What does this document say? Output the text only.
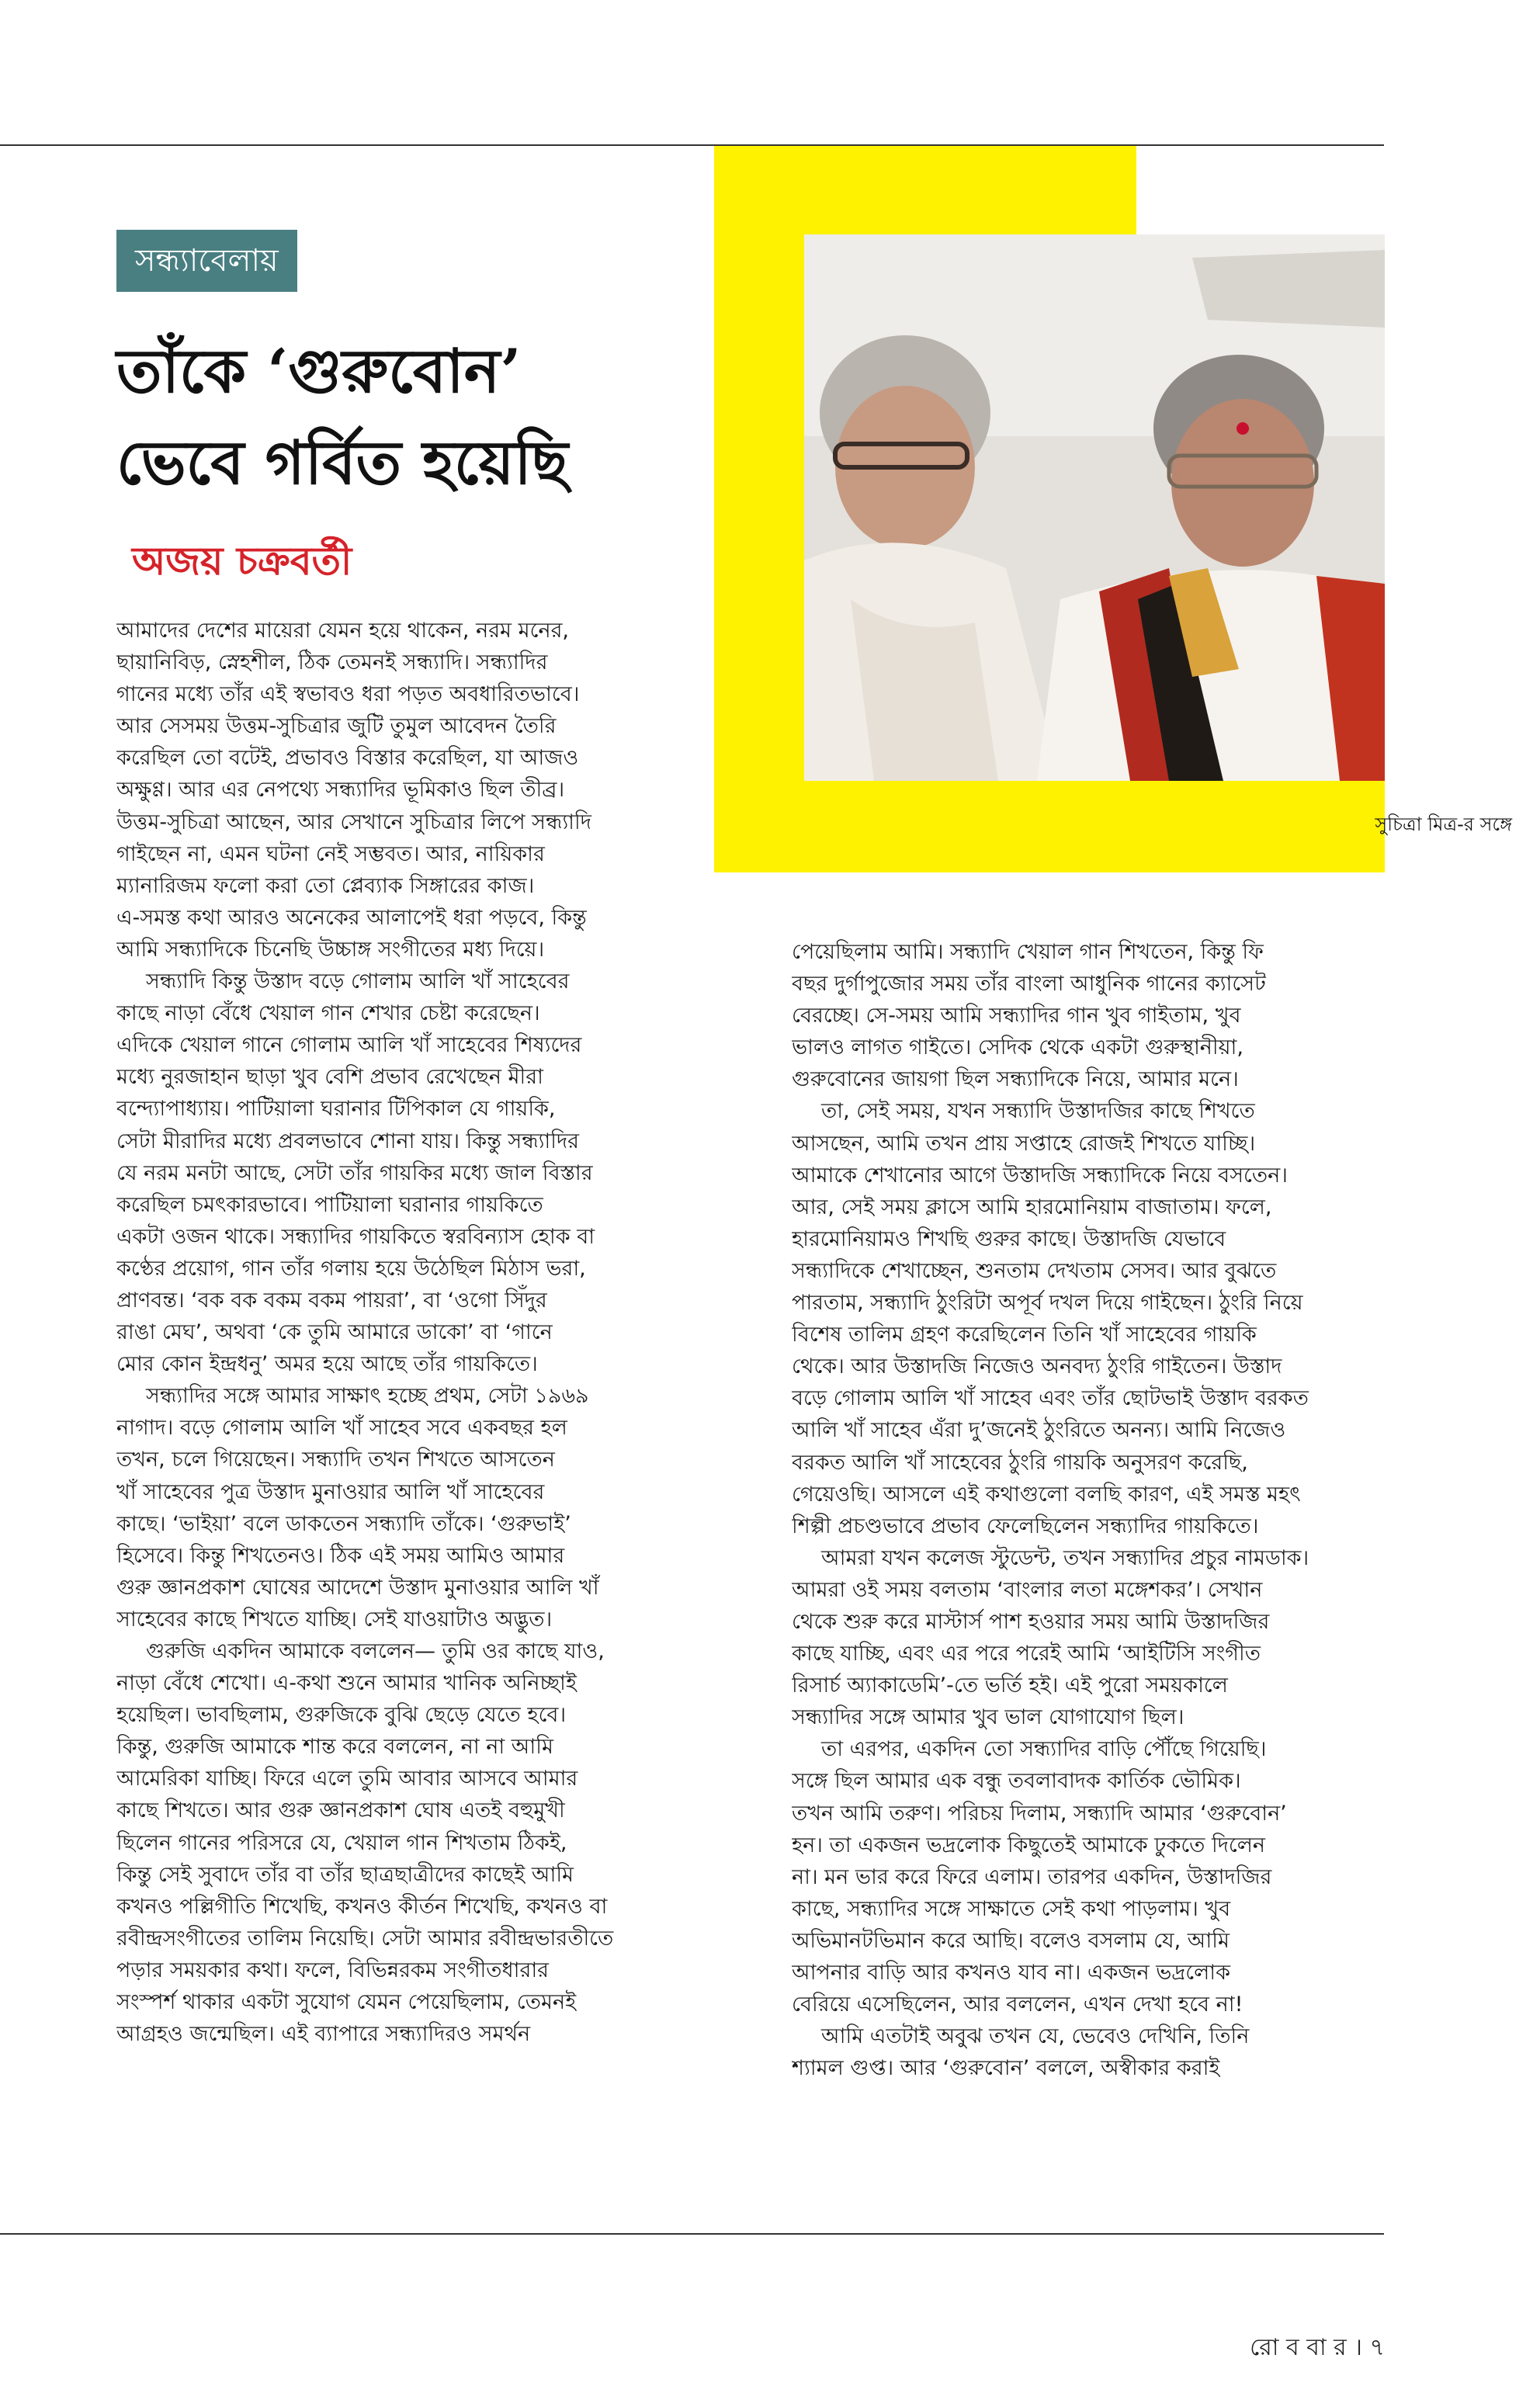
সুচিত্রা মিত্র-র সঙ্গে
সন্ধ্যাবেলায়
তাঁকে ‘গুরুবোন’
ভেবে গর্বিত হয়েছি
অজয় চক্রবর্তী
আমাদের দেশের মায়েরা যেমন হয়ে থাকেন, নরম মনের,
ছায়ানিবিড়, স্নেহশীল, ঠিক তেমনই সন্ধ্যাদি। সন্ধ্যাদির
গানের মধ্যে তাঁর এই স্বভাবও ধরা পড়ত অবধারিতভাবে।
আর সেসময় উত্তম-সুচিত্রার জুটি তুমুল আবেদন তৈরি
করেছিল তো বটেই, প্রভাবও বিস্তার করেছিল, যা আজও
অক্ষুণ্ণ। আর এর নেপথ্যে সন্ধ্যাদির ভূমিকাও ছিল তীব্র।
উত্তম-সুচিত্রা আছেন, আর সেখানে সুচিত্রার লিপে সন্ধ্যাদি
গাইছেন না, এমন ঘটনা নেই সম্ভবত। আর, নায়িকার
ম্যানারিজম ফলো করা তো প্লেব্যাক সিঙ্গারের কাজ।
এ-সমস্ত কথা আরও অনেকের আলাপেই ধরা পড়বে, কিন্তু
আমি সন্ধ্যাদিকে চিনেছি উচ্চাঙ্গ সংগীতের মধ্য দিয়ে।
সন্ধ্যাদি কিন্তু উস্তাদ বড়ে গোলাম আলি খাঁ সাহেবের
কাছে নাড়া বেঁধে খেয়াল গান শেখার চেষ্টা করেছেন।
এদিকে খেয়াল গানে গোলাম আলি খাঁ সাহেবের শিষ্যদের
মধ্যে নুরজাহান ছাড়া খুব বেশি প্রভাব রেখেছেন মীরা
বন্দ্যোপাধ্যায়। পাটিয়ালা ঘরানার টিপিকাল যে গায়কি,
সেটা মীরাদির মধ্যে প্রবলভাবে শোনা যায়। কিন্তু সন্ধ্যাদির
যে নরম মনটা আছে, সেটা তাঁর গায়কির মধ্যে জাল বিস্তার
করেছিল চমৎকারভাবে। পাটিয়ালা ঘরানার গায়কিতে
একটা ওজন থাকে। সন্ধ্যাদির গায়কিতে স্বরবিন্যাস হোক বা
কণ্ঠের প্রয়োগ, গান তাঁর গলায় হয়ে উঠেছিল মিঠাস ভরা,
প্রাণবন্ত। ‘বক বক বকম বকম পায়রা’, বা ‘ওগো সিঁদুর
রাঙা মেঘ’, অথবা ‘কে তুমি আমারে ডাকো’ বা ‘গানে
মোর কোন ইন্দ্রধনু’ অমর হয়ে আছে তাঁর গায়কিতে।
সন্ধ্যাদির সঙ্গে আমার সাক্ষাৎ হচ্ছে প্রথম, সেটা ১৯৬৯
নাগাদ। বড়ে গোলাম আলি খাঁ সাহেব সবে একবছর হল
তখন, চলে গিয়েছেন। সন্ধ্যাদি তখন শিখতে আসতেন
খাঁ সাহেবের পুত্র উস্তাদ মুনাওয়ার আলি খাঁ সাহেবের
কাছে। ‘ভাইয়া’ বলে ডাকতেন সন্ধ্যাদি তাঁকে। ‘গুরুভাই’
হিসেবে। কিন্তু শিখতেনও। ঠিক এই সময় আমিও আমার
গুরু জ্ঞানপ্রকাশ ঘোষের আদেশে উস্তাদ মুনাওয়ার আলি খাঁ
সাহেবের কাছে শিখতে যাচ্ছি। সেই যাওয়াটাও অদ্ভুত।
গুরুজি একদিন আমাকে বললেন— তুমি ওর কাছে যাও,
নাড়া বেঁধে শেখো। এ-কথা শুনে আমার খানিক অনিচ্ছাই
হয়েছিল। ভাবছিলাম, গুরুজিকে বুঝি ছেড়ে যেতে হবে।
কিন্তু, গুরুজি আমাকে শান্ত করে বললেন, না না আমি
আমেরিকা যাচ্ছি। ফিরে এলে তুমি আবার আসবে আমার
কাছে শিখতে। আর গুরু জ্ঞানপ্রকাশ ঘোষ এতই বহুমুখী
ছিলেন গানের পরিসরে যে, খেয়াল গান শিখতাম ঠিকই,
কিন্তু সেই সুবাদে তাঁর বা তাঁর ছাত্রছাত্রীদের কাছেই আমি
কখনও পল্লিগীতি শিখেছি, কখনও কীর্তন শিখেছি, কখনও বা
রবীন্দ্রসংগীতের তালিম নিয়েছি। সেটা আমার রবীন্দ্রভারতীতে
পড়ার সময়কার কথা। ফলে, বিভিন্নরকম সংগীতধারার
সংস্পর্শ থাকার একটা সুযোগ যেমন পেয়েছিলাম, তেমনই
আগ্রহও জন্মেছিল। এই ব্যাপারে সন্ধ্যাদিরও সমর্থন
পেয়েছিলাম আমি। সন্ধ্যাদি খেয়াল গান শিখতেন, কিন্তু ফি
বছর দুর্গাপুজোর সময় তাঁর বাংলা আধুনিক গানের ক্যাসেট
বেরচ্ছে। সে-সময় আমি সন্ধ্যাদির গান খুব গাইতাম, খুব
ভালও লাগত গাইতে। সেদিক থেকে একটা গুরুস্থানীয়া,
গুরুবোনের জায়গা ছিল সন্ধ্যাদিকে নিয়ে, আমার মনে।
তা, সেই সময়, যখন সন্ধ্যাদি উস্তাদজির কাছে শিখতে
আসছেন, আমি তখন প্রায় সপ্তাহে রোজই শিখতে যাচ্ছি।
আমাকে শেখানোর আগে উস্তাদজি সন্ধ্যাদিকে নিয়ে বসতেন।
আর, সেই সময় ক্লাসে আমি হারমোনিয়াম বাজাতাম। ফলে,
হারমোনিয়ামও শিখছি গুরুর কাছে। উস্তাদজি যেভাবে
সন্ধ্যাদিকে শেখাচ্ছেন, শুনতাম দেখতাম সেসব। আর বুঝতে
পারতাম, সন্ধ্যাদি ঠুংরিটা অপূর্ব দখল দিয়ে গাইছেন। ঠুংরি নিয়ে
বিশেষ তালিম গ্রহণ করেছিলেন তিনি খাঁ সাহেবের গায়কি
থেকে। আর উস্তাদজি নিজেও অনবদ্য ঠুংরি গাইতেন। উস্তাদ
বড়ে গোলাম আলি খাঁ সাহেব এবং তাঁর ছোটভাই উস্তাদ বরকত
আলি খাঁ সাহেব এঁরা দু’জনেই ঠুংরিতে অনন্য। আমি নিজেও
বরকত আলি খাঁ সাহেবের ঠুংরি গায়কি অনুসরণ করেছি,
গেয়েওছি। আসলে এই কথাগুলো বলছি কারণ, এই সমস্ত মহৎ
শিল্পী প্রচণ্ডভাবে প্রভাব ফেলেছিলেন সন্ধ্যাদির গায়কিতে।
আমরা যখন কলেজ স্টুডেন্ট, তখন সন্ধ্যাদির প্রচুর নামডাক।
আমরা ওই সময় বলতাম ‘বাংলার লতা মঙ্গেশকর’। সেখান
থেকে শুরু করে মাস্টার্স পাশ হওয়ার সময় আমি উস্তাদজির
কাছে যাচ্ছি, এবং এর পরে পরেই আমি ‘আইটিসি সংগীত
রিসার্চ অ্যাকাডেমি’-তে ভর্তি হই। এই পুরো সময়কালে
সন্ধ্যাদির সঙ্গে আমার খুব ভাল যোগাযোগ ছিল।
তা এরপর, একদিন তো সন্ধ্যাদির বাড়ি পৌঁছে গিয়েছি।
সঙ্গে ছিল আমার এক বন্ধু তবলাবাদক কার্তিক ভৌমিক।
তখন আমি তরুণ। পরিচয় দিলাম, সন্ধ্যাদি আমার ‘গুরুবোন’
হন। তা একজন ভদ্রলোক কিছুতেই আমাকে ঢুকতে দিলেন
না। মন ভার করে ফিরে এলাম। তারপর একদিন, উস্তাদজির
কাছে, সন্ধ্যাদির সঙ্গে সাক্ষাতে সেই কথা পাড়লাম। খুব
অভিমানটভিমান করে আছি। বলেও বসলাম যে, আমি
আপনার বাড়ি আর কখনও যাব না। একজন ভদ্রলোক
বেরিয়ে এসেছিলেন, আর বললেন, এখন দেখা হবে না!
আমি এতটাই অবুঝ তখন যে, ভেবেও দেখিনি, তিনি
শ্যামল গুপ্ত। আর ‘গুরুবোন’ বললে, অস্বীকার করাই
রো ব বা র । ৭
